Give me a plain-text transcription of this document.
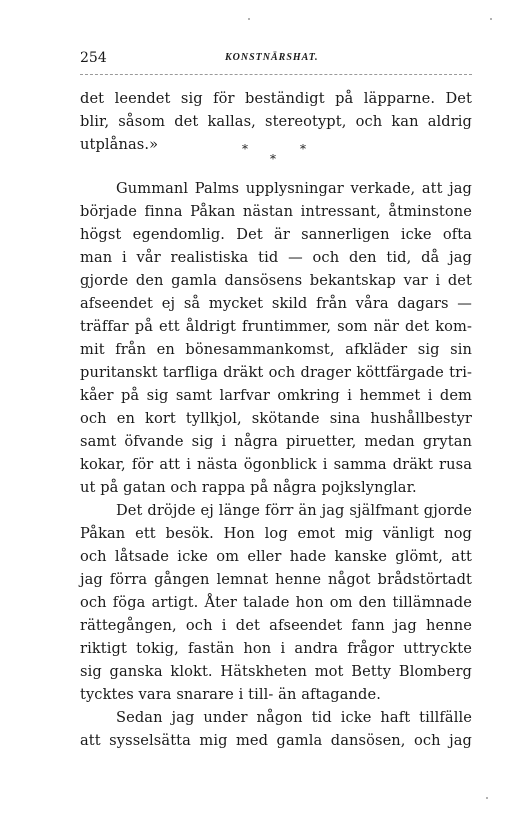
254	KONSTNÄRSHAT.
det leendet sig för beständigt på läpparne. Det
blir, såsom det kallas, stereotypt, och kan aldrig
utplånas.»	*	*
*
Gummanl Palms upplysningar verkade, att jag
började finna Påkan nästan intressant, åtminstone
högst egendomlig. Det är sannerligen icke ofta
man i vår realistiska tid — och den tid, då jag
gjorde den gamla dansösens bekantskap var i det
afseendet ej så mycket skild från våra dagars —
träffar på ett åldrigt fruntimmer, som när det kom-
mit från en bönesammankomst, afkläder sig sin
puritanskt tarfliga dräkt och drager köttfärgade tri-
kåer på sig samt larfvar omkring i hemmet i dem
och en kort tyllkjol, skötande sina hushållbestyr
samt öfvande sig i några piruetter, medan grytan
kokar, för att i nästa ögonblick i samma dräkt rusa
ut på gatan och rappa på några pojkslynglar.
Det dröjde ej länge förr än jag själfmant gjorde
Påkan ett besök. Hon log emot mig vänligt nog
och låtsade icke om eller hade kanske glömt, att
jag förra gången lemnat henne något brådstörtadt
och föga artigt. Åter talade hon om den tillämnade
rättegången, och i det afseendet fann jag henne
riktigt tokig, fastän hon i andra frågor uttryckte
sig ganska klokt. Hätskheten mot Betty Blomberg
tycktes vara snarare i till- än aftagande.
Sedan jag under någon tid icke haft tillfälle
att sysselsätta mig med gamla dansösen, och jag
